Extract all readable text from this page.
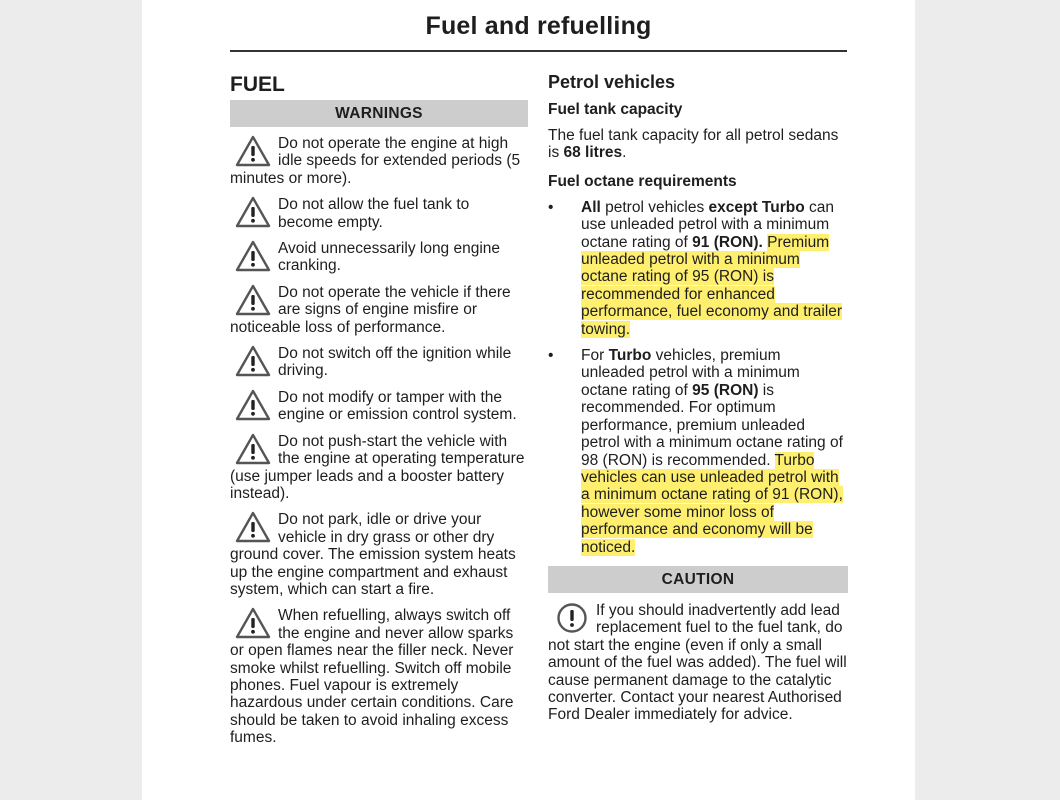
Fuel and refuelling
FUEL
WARNINGS
Do not operate the engine at high idle speeds for extended periods (5 minutes or more).
Do not allow the fuel tank to become empty.
Avoid unnecessarily long engine cranking.
Do not operate the vehicle if there are signs of engine misfire or noticeable loss of performance.
Do not switch off the ignition while driving.
Do not modify or tamper with the engine or emission control system.
Do not push-start the vehicle with the engine at operating temperature (use jumper leads and a booster battery instead).
Do not park, idle or drive your vehicle in dry grass or other dry ground cover. The emission system heats up the engine compartment and exhaust system, which can start a fire.
When refuelling, always switch off the engine and never allow sparks or open flames near the filler neck. Never smoke whilst refuelling. Switch off mobile phones. Fuel vapour is extremely hazardous under certain conditions. Care should be taken to avoid inhaling excess fumes.
Petrol vehicles
Fuel tank capacity
The fuel tank capacity for all petrol sedans is 68 litres.
Fuel octane requirements
• All petrol vehicles except Turbo can use unleaded petrol with a minimum octane rating of 91 (RON). Premium unleaded petrol with a minimum octane rating of 95 (RON) is recommended for enhanced performance, fuel economy and trailer towing.
• For Turbo vehicles, premium unleaded petrol with a minimum octane rating of 95 (RON) is recommended. For optimum performance, premium unleaded petrol with a minimum octane rating of 98 (RON) is recommended. Turbo vehicles can use unleaded petrol with a minimum octane rating of 91 (RON), however some minor loss of performance and economy will be noticed.
CAUTION
If you should inadvertently add lead replacement fuel to the fuel tank, do not start the engine (even if only a small amount of the fuel was added). The fuel will cause permanent damage to the catalytic converter. Contact your nearest Authorised Ford Dealer immediately for advice.
